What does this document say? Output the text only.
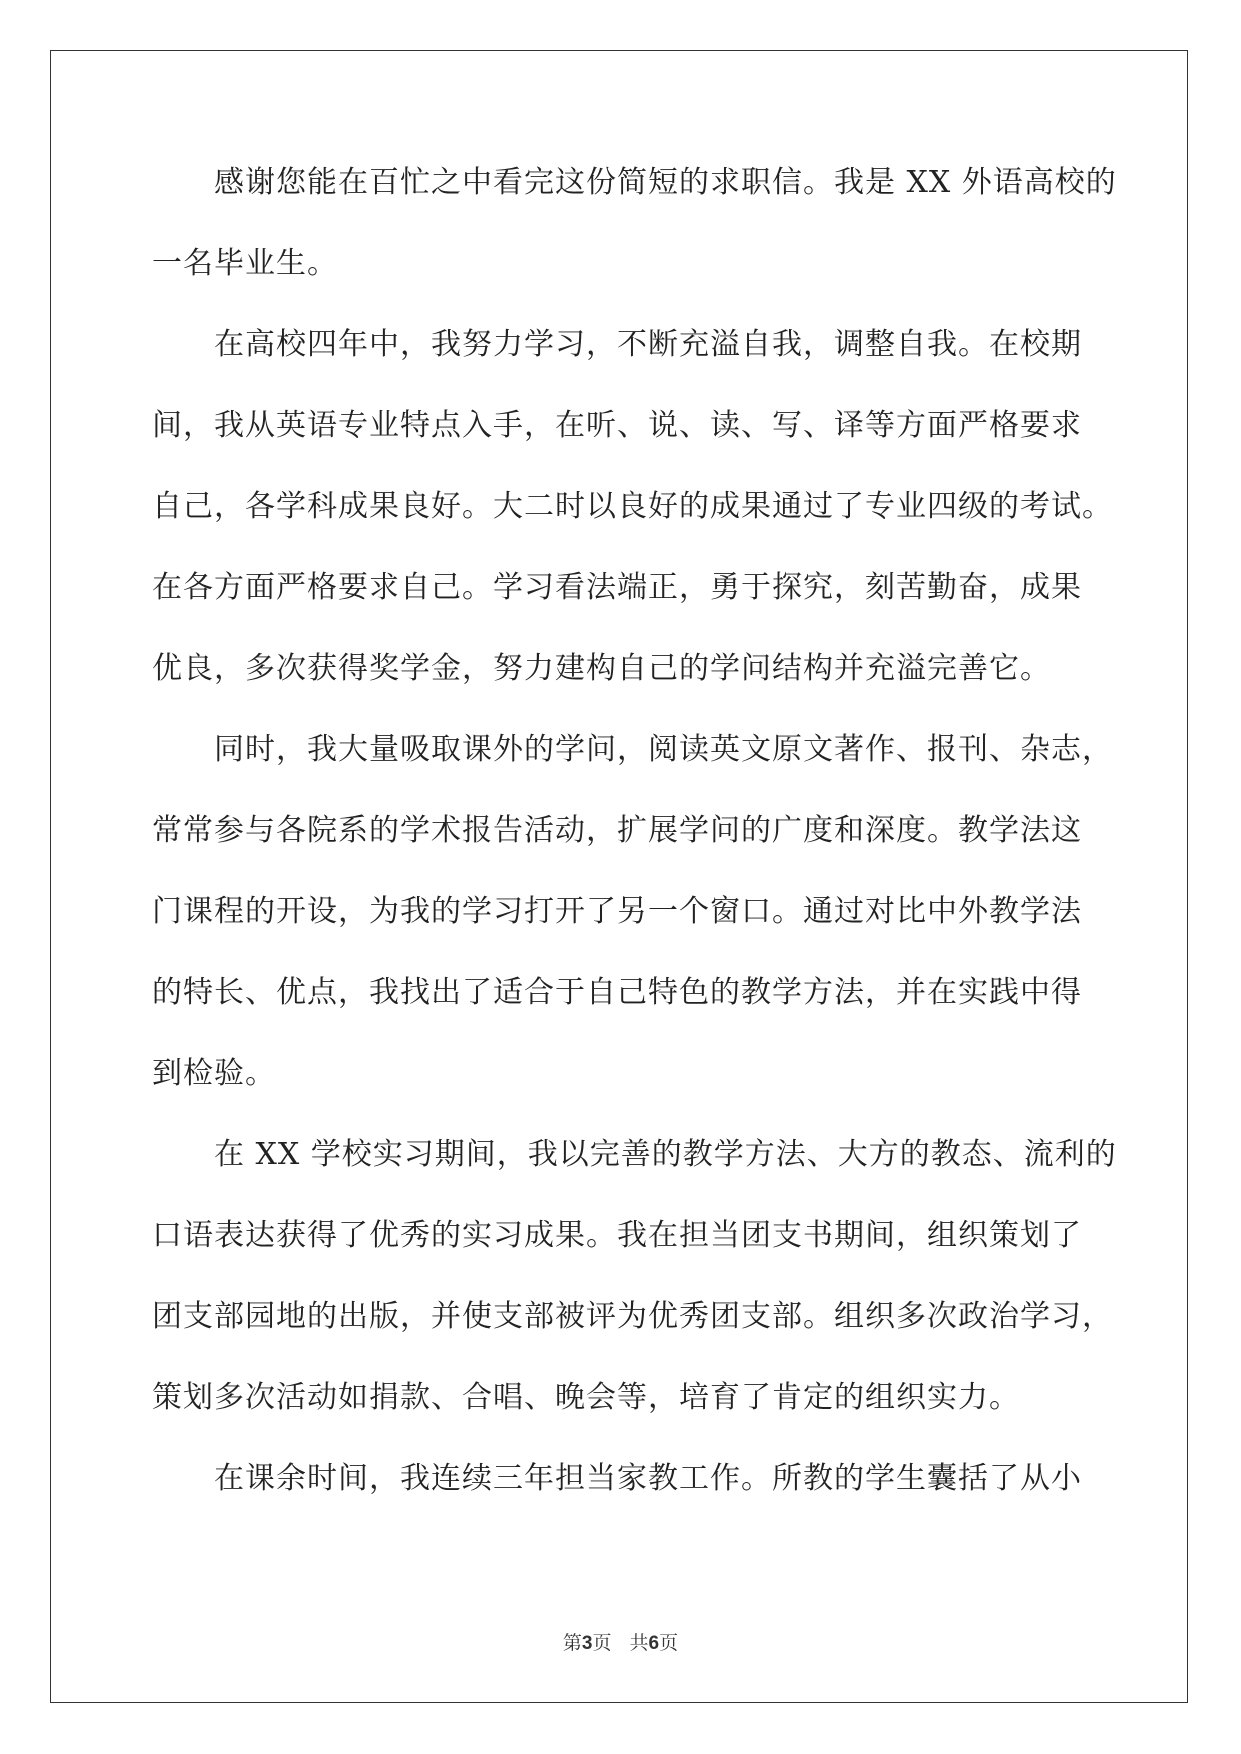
感谢您能在百忙之中看完这份简短的求职信。我是 XX 外语高校的
一名毕业生。
在高校四年中，我努力学习，不断充溢自我，调整自我。在校期
间，我从英语专业特点入手，在听、说、读、写、译等方面严格要求
自己，各学科成果良好。大二时以良好的成果通过了专业四级的考试。
在各方面严格要求自己。学习看法端正，勇于探究，刻苦勤奋，成果
优良，多次获得奖学金，努力建构自己的学问结构并充溢完善它。
同时，我大量吸取课外的学问，阅读英文原文著作、报刊、杂志，
常常参与各院系的学术报告活动，扩展学问的广度和深度。教学法这
门课程的开设，为我的学习打开了另一个窗口。通过对比中外教学法
的特长、优点，我找出了适合于自己特色的教学方法，并在实践中得
到检验。
在 XX 学校实习期间，我以完善的教学方法、大方的教态、流利的
口语表达获得了优秀的实习成果。我在担当团支书期间，组织策划了
团支部园地的出版，并使支部被评为优秀团支部。组织多次政治学习，
策划多次活动如捐款、合唱、晚会等，培育了肯定的组织实力。
在课余时间，我连续三年担当家教工作。所教的学生囊括了从小
第3页 共6页
